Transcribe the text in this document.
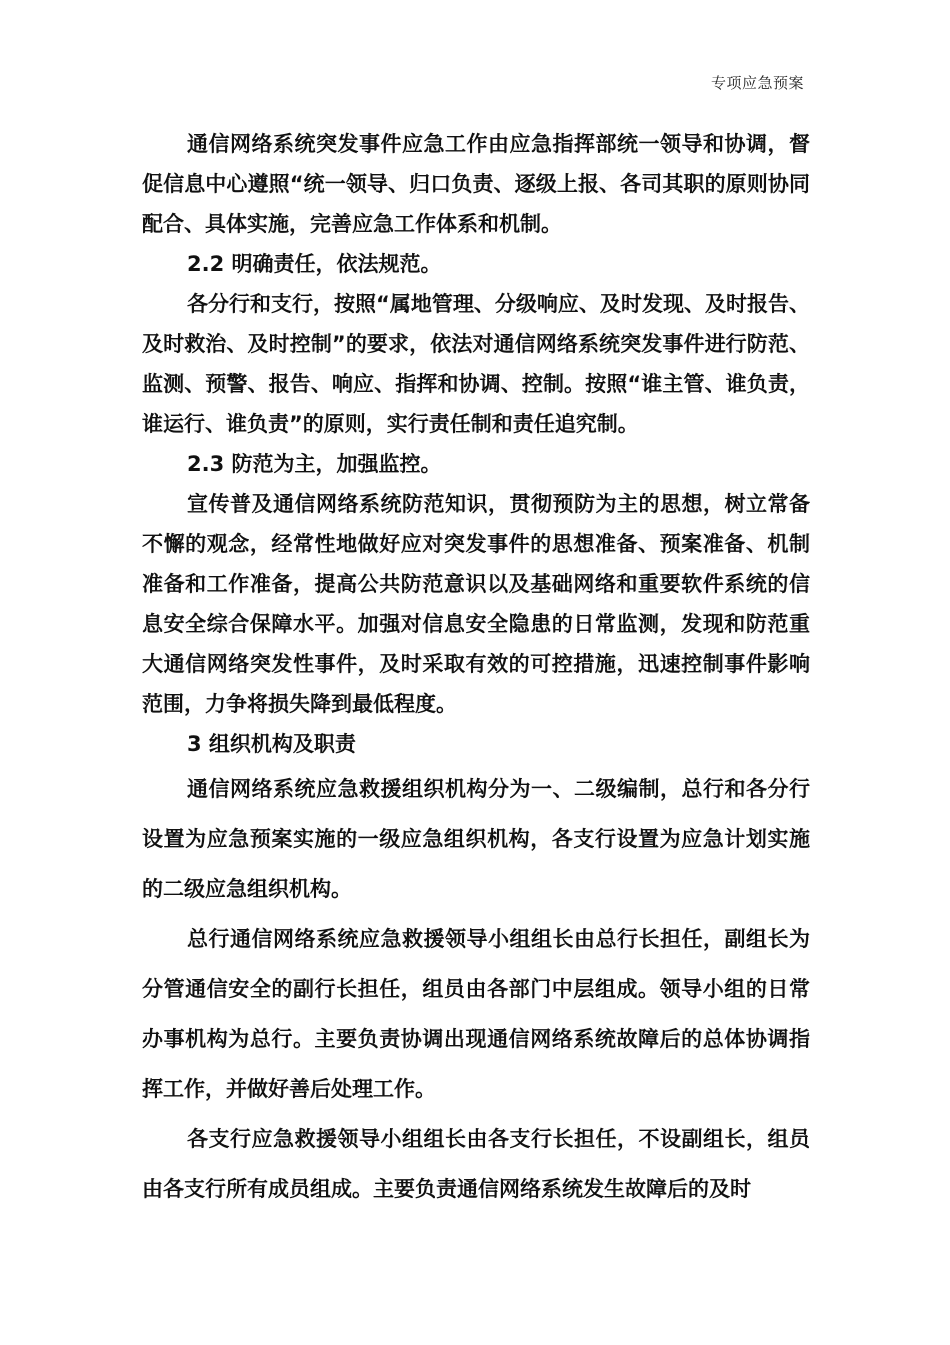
专项应急预案

通信网络系统突发事件应急工作由应急指挥部统一领导和协调，督促信息中心遵照“统一领导、归口负责、逐级上报、各司其职的原则协同配合、具体实施，完善应急工作体系和机制。

2.2 明确责任，依法规范。

各分行和支行，按照“属地管理、分级响应、及时发现、及时报告、及时救治、及时控制”的要求，依法对通信网络系统突发事件进行防范、监测、预警、报告、响应、指挥和协调、控制。按照“谁主管、谁负责，谁运行、谁负责”的原则，实行责任制和责任追究制。

2.3 防范为主，加强监控。

宣传普及通信网络系统防范知识，贯彻预防为主的思想，树立常备不懈的观念，经常性地做好应对突发事件的思想准备、预案准备、机制准备和工作准备，提高公共防范意识以及基础网络和重要软件系统的信息安全综合保障水平。加强对信息安全隐患的日常监测，发现和防范重大通信网络突发性事件，及时采取有效的可控措施，迅速控制事件影响范围，力争将损失降到最低程度。

3 组织机构及职责

通信网络系统应急救援组织机构分为一、二级编制，总行和各分行设置为应急预案实施的一级应急组织机构，各支行设置为应急计划实施的二级应急组织机构。

总行通信网络系统应急救援领导小组组长由总行长担任，副组长为分管通信安全的副行长担任，组员由各部门中层组成。领导小组的日常办事机构为总行。主要负责协调出现通信网络系统故障后的总体协调指挥工作，并做好善后处理工作。

各支行应急救援领导小组组长由各支行长担任，不设副组长，组员由各支行所有成员组成。主要负责通信网络系统发生故障后的及时
